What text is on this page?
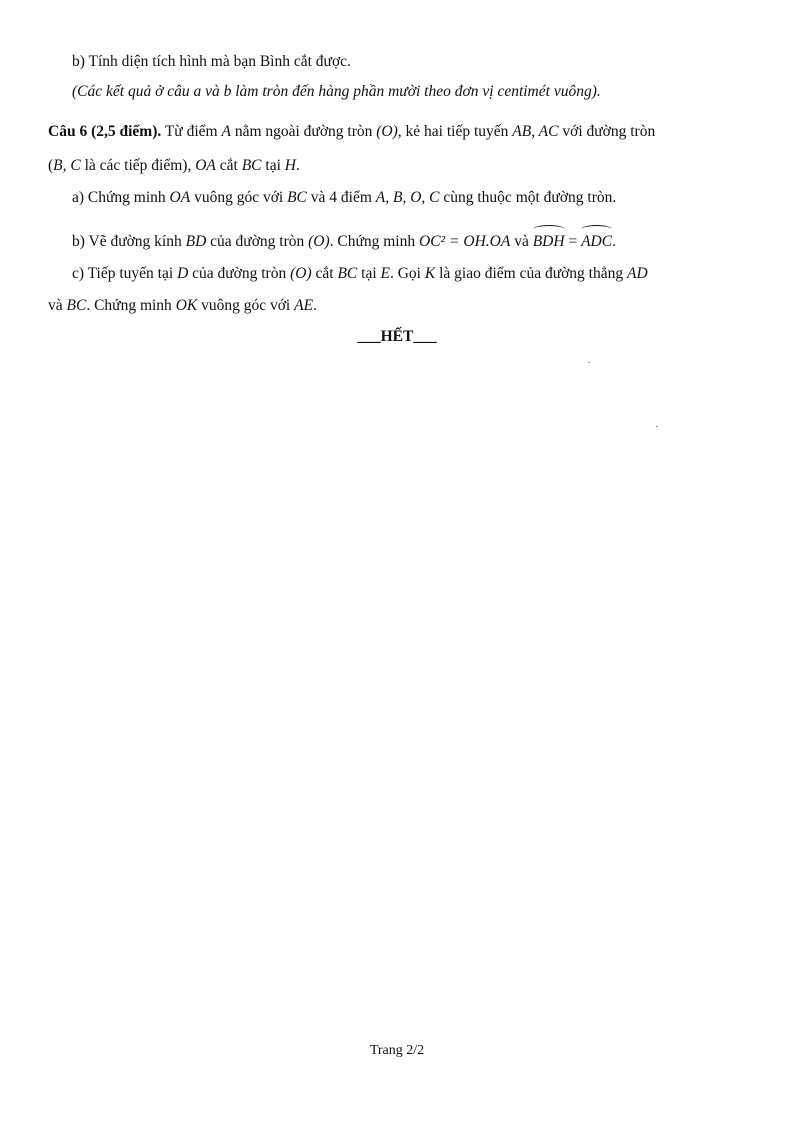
b) Tính diện tích hình mà bạn Bình cắt được.
(Các kết quả ở câu a và b làm tròn đến hàng phần mười theo đơn vị centimét vuông).
Câu 6 (2,5 điểm). Từ điểm A nằm ngoài đường tròn (O), kẻ hai tiếp tuyến AB, AC với đường tròn
(B, C là các tiếp điểm), OA cắt BC tại H.
a) Chứng minh OA vuông góc với BC và 4 điểm A, B, O, C cùng thuộc một đường tròn.
b) Vẽ đường kính BD của đường tròn (O). Chứng minh OC² = OH.OA và BDH = ADC.
c) Tiếp tuyến tại D của đường tròn (O) cắt BC tại E. Gọi K là giao điểm của đường thẳng AD
và BC. Chứng minh OK vuông góc với AE.
___HẾT___
Trang 2/2
